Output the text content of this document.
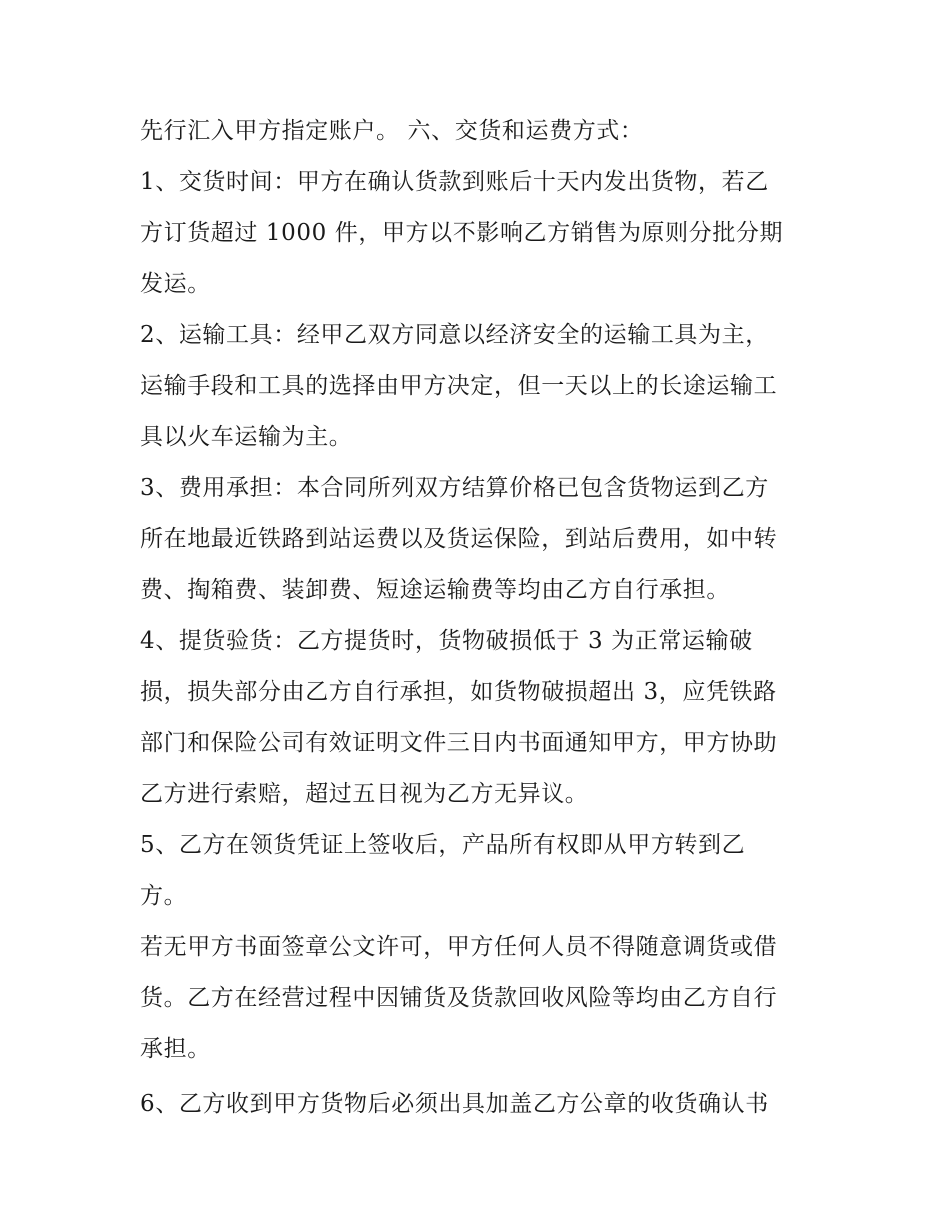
先行汇入甲方指定账户。 六、交货和运费方式：
1、交货时间：甲方在确认货款到账后十天内发出货物，若乙
方订货超过 1000 件，甲方以不影响乙方销售为原则分批分期
发运。
2、运输工具：经甲乙双方同意以经济安全的运输工具为主，
运输手段和工具的选择由甲方决定，但一天以上的长途运输工
具以火车运输为主。
3、费用承担：本合同所列双方结算价格已包含货物运到乙方
所在地最近铁路到站运费以及货运保险，到站后费用，如中转
费、掏箱费、装卸费、短途运输费等均由乙方自行承担。
4、提货验货：乙方提货时，货物破损低于 3 为正常运输破
损，损失部分由乙方自行承担，如货物破损超出 3，应凭铁路
部门和保险公司有效证明文件三日内书面通知甲方，甲方协助
乙方进行索赔，超过五日视为乙方无异议。
5、乙方在领货凭证上签收后，产品所有权即从甲方转到乙
方。
若无甲方书面签章公文许可，甲方任何人员不得随意调货或借
货。乙方在经营过程中因铺货及货款回收风险等均由乙方自行
承担。
6、乙方收到甲方货物后必须出具加盖乙方公章的收货确认书
